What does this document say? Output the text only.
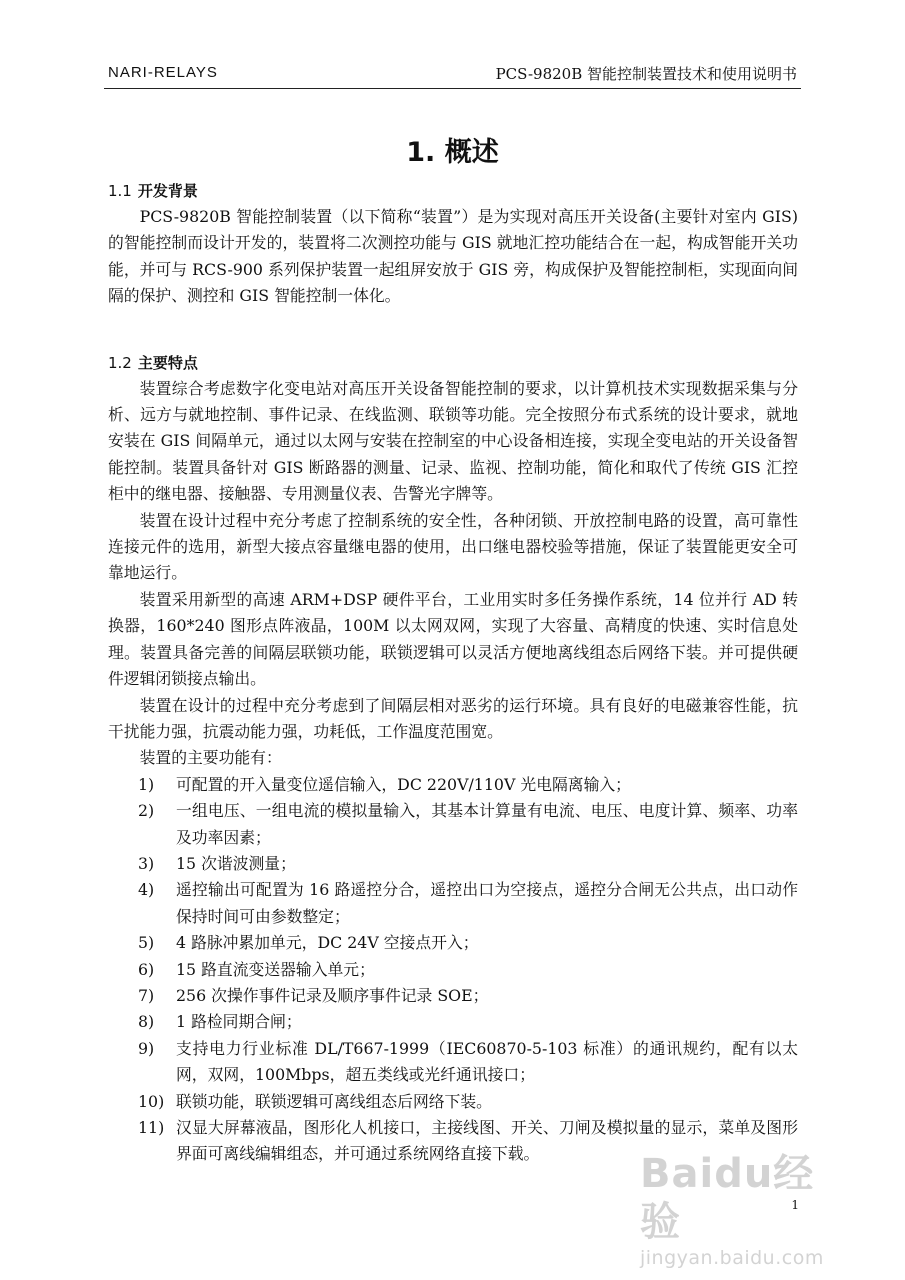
NARI-RELAYS	PCS-9820B 智能控制装置技术和使用说明书
1. 概述
1.1 开发背景

PCS-9820B 智能控制装置（以下简称“装置”）是为实现对高压开关设备(主要针对室内 GIS)的智能控制而设计开发的，装置将二次测控功能与 GIS 就地汇控功能结合在一起，构成智能开关功能，并可与 RCS-900 系列保护装置一起组屏安放于 GIS 旁，构成保护及智能控制柜，实现面向间隔的保护、测控和 GIS 智能控制一体化。

1.2 主要特点

装置综合考虑数字化变电站对高压开关设备智能控制的要求，以计算机技术实现数据采集与分析、远方与就地控制、事件记录、在线监测、联锁等功能。完全按照分布式系统的设计要求，就地安装在 GIS 间隔单元，通过以太网与安装在控制室的中心设备相连接，实现全变电站的开关设备智能控制。装置具备针对 GIS 断路器的测量、记录、监视、控制功能，简化和取代了传统 GIS 汇控柜中的继电器、接触器、专用测量仪表、告警光字牌等。

装置在设计过程中充分考虑了控制系统的安全性，各种闭锁、开放控制电路的设置，高可靠性连接元件的选用，新型大接点容量继电器的使用，出口继电器校验等措施，保证了装置能更安全可靠地运行。

装置采用新型的高速 ARM+DSP 硬件平台，工业用实时多任务操作系统，14 位并行 AD 转换器，160*240 图形点阵液晶，100M 以太网双网，实现了大容量、高精度的快速、实时信息处理。装置具备完善的间隔层联锁功能，联锁逻辑可以灵活方便地离线组态后网络下装。并可提供硬件逻辑闭锁接点输出。

装置在设计的过程中充分考虑到了间隔层相对恶劣的运行环境。具有良好的电磁兼容性能，抗干扰能力强，抗震动能力强，功耗低，工作温度范围宽。

装置的主要功能有：

1) 可配置的开入量变位遥信输入，DC 220V/110V 光电隔离输入；
2) 一组电压、一组电流的模拟量输入，其基本计算量有电流、电压、电度计算、频率、功率及功率因素；
3) 15 次谐波测量；
4) 遥控输出可配置为 16 路遥控分合，遥控出口为空接点，遥控分合闸无公共点，出口动作保持时间可由参数整定；
5) 4 路脉冲累加单元，DC 24V 空接点开入；
6) 15 路直流变送器输入单元；
7) 256 次操作事件记录及顺序事件记录 SOE；
8) 1 路检同期合闸；
9) 支持电力行业标准 DL/T667-1999（IEC60870-5-103 标准）的通讯规约，配有以太网，双网，100Mbps，超五类线或光纤通讯接口；
10) 联锁功能，联锁逻辑可离线组态后网络下装。
11) 汉显大屏幕液晶，图形化人机接口，主接线图、开关、刀闸及模拟量的显示，菜单及图形界面可离线编辑组态，并可通过系统网络直接下载。	Baidu经验
jingyan.baidu.com
1
